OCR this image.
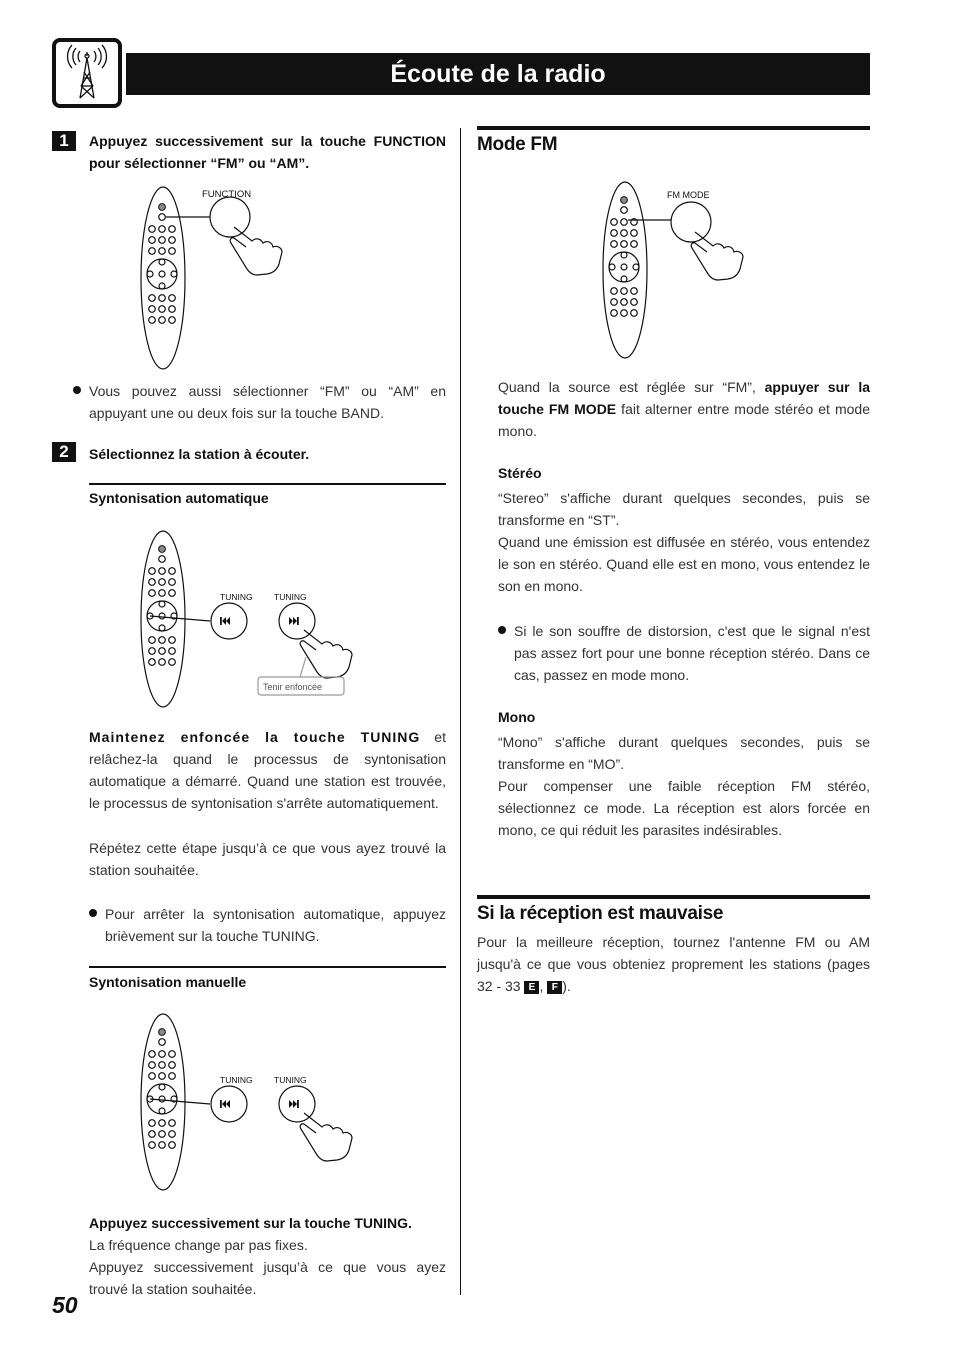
Écoute de la radio
1	Appuyez successivement sur la touche FUNCTION pour sélectionner “FM” ou “AM”.
FUNCTION
Vous pouvez aussi sélectionner “FM” ou “AM” en appuyant une ou deux fois sur la touche BAND.
2	Sélectionnez la station à écouter.
Syntonisation automatique
TUNING	TUNING
Tenir enfoncée
Maintenez enfoncée la touche TUNING et relâchez-la quand le processus de syntonisation automatique a démarré. Quand une station est trouvée, le processus de syntonisation s'arrête automatiquement.
Répétez cette étape jusqu’à ce que vous ayez trouvé la station souhaitée.
Pour arrêter la syntonisation automatique, appuyez brièvement sur la touche TUNING.
Syntonisation manuelle
TUNING	TUNING
Appuyez successivement sur la touche TUNING.
La fréquence change par pas fixes.
Appuyez successivement jusqu’à ce que vous ayez trouvé la station souhaitée.
50
Mode FM
FM MODE
Quand la source est réglée sur “FM”, appuyer sur la touche FM MODE fait alterner entre mode stéréo et mode mono.
Stéréo
“Stereo” s'affiche durant quelques secondes, puis se transforme en “ST”.
Quand une émission est diffusée en stéréo, vous entendez le son en stéréo. Quand elle est en mono, vous entendez le son en mono.
Si le son souffre de distorsion, c'est que le signal n'est pas assez fort pour une bonne réception stéréo. Dans ce cas, passez en mode mono.
Mono
“Mono” s'affiche durant quelques secondes, puis se transforme en “MO”.
Pour compenser une faible réception FM stéréo, sélectionnez ce mode. La réception est alors forcée en mono, ce qui réduit les parasites indésirables.
Si la réception est mauvaise
Pour la meilleure réception, tournez l'antenne FM ou AM jusqu'à ce que vous obteniez proprement les stations (pages 32 - 33 E , F ).
